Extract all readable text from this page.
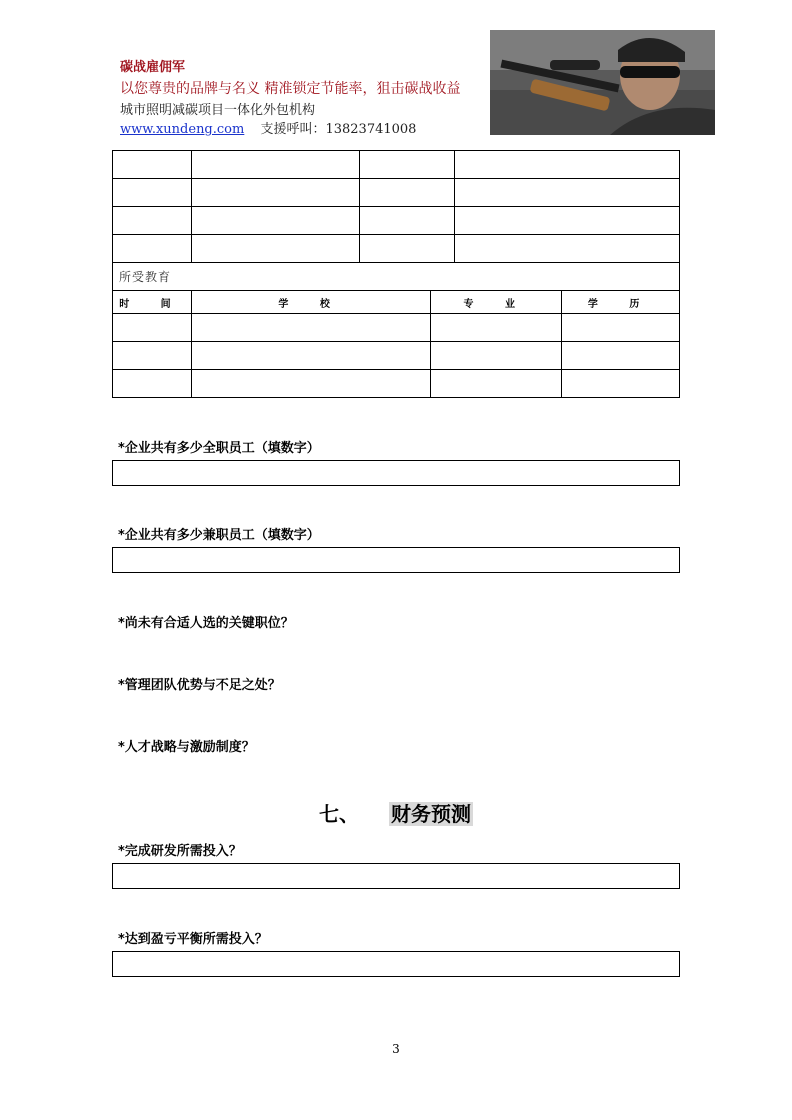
碳战雇佣军
以您尊贵的品牌与名义 精准锁定节能率，狙击碳战收益
城市照明减碳项目一体化外包机构
www.xundeng.com 支援呼叫：13823741008

所受教育			
时 间	学 校	专 业	学 历

*企业共有多少全职员工（填数字）
*企业共有多少兼职员工（填数字）
*尚未有合适人选的关键职位？
*管理团队优势与不足之处？
*人才战略与激励制度？
七、 财务预测
*完成研发所需投入？
*达到盈亏平衡所需投入？
3
